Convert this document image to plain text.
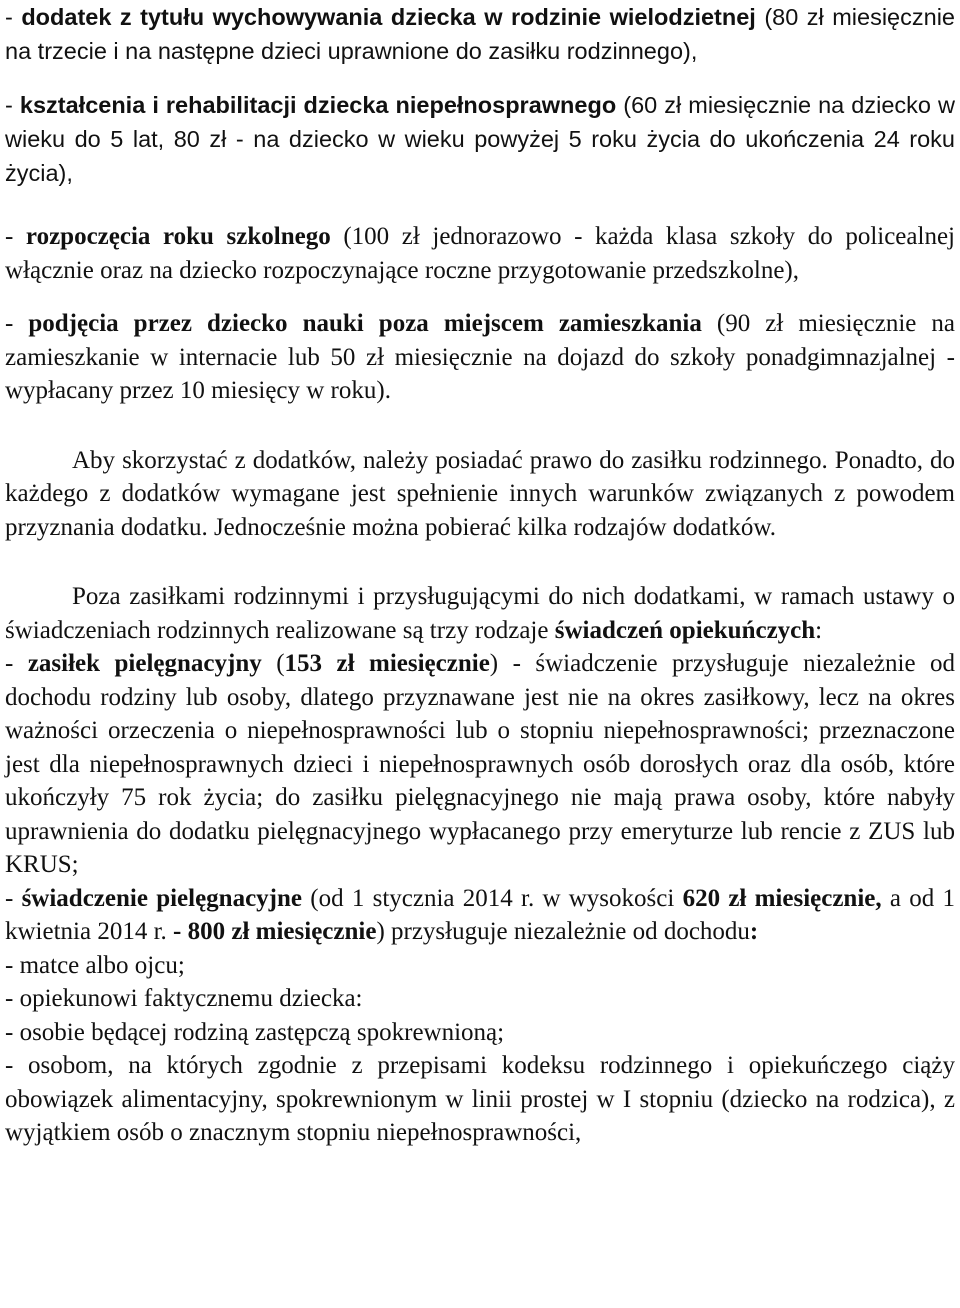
- dodatek z tytułu wychowywania dziecka w rodzinie wielodzietnej (80 zł miesięcznie na trzecie i na następne dzieci uprawnione do zasiłku rodzinnego),

- kształcenia i rehabilitacji dziecka niepełnosprawnego (60 zł miesięcznie na dziecko w wieku do 5 lat, 80 zł - na dziecko w wieku powyżej 5 roku życia do ukończenia 24 roku życia),

- rozpoczęcia roku szkolnego (100 zł jednorazowo - każda klasa szkoły do policealnej włącznie oraz na dziecko rozpoczynające roczne przygotowanie przedszkolne),

- podjęcia przez dziecko nauki poza miejscem zamieszkania (90 zł miesięcznie na zamieszkanie w internacie lub 50 zł miesięcznie na dojazd do szkoły ponadgimnazjalnej - wypłacany przez 10 miesięcy w roku).

Aby skorzystać z dodatków, należy posiadać prawo do zasiłku rodzinnego. Ponadto, do każdego z dodatków wymagane jest spełnienie innych warunków związanych z powodem przyznania dodatku. Jednocześnie można pobierać kilka rodzajów dodatków.

Poza zasiłkami rodzinnymi i przysługującymi do nich dodatkami, w ramach ustawy o świadczeniach rodzinnych realizowane są trzy rodzaje świadczeń opiekuńczych:

- zasiłek pielęgnacyjny (153 zł miesięcznie) - świadczenie przysługuje niezależnie od dochodu rodziny lub osoby, dlatego przyznawane jest nie na okres zasiłkowy, lecz na okres ważności orzeczenia o niepełnosprawności lub o stopniu niepełnosprawności; przeznaczone jest dla niepełnosprawnych dzieci i niepełnosprawnych osób dorosłych oraz dla osób, które ukończyły 75 rok życia; do zasiłku pielęgnacyjnego nie mają prawa osoby, które nabyły uprawnienia do dodatku pielęgnacyjnego wypłacanego przy emeryturze lub rencie z ZUS lub KRUS;

- świadczenie pielęgnacyjne (od 1 stycznia 2014 r. w wysokości 620 zł miesięcznie, a od 1 kwietnia 2014 r. - 800 zł miesięcznie) przysługuje niezależnie od dochodu:

- matce albo ojcu;

- opiekunowi faktycznemu dziecka:

- osobie będącej rodziną zastępczą spokrewnioną;

- osobom, na których zgodnie z przepisami kodeksu rodzinnego i opiekuńczego ciąży obowiązek alimentacyjny, spokrewnionym w linii prostej w I stopniu (dziecko na rodzica), z wyjątkiem osób o znacznym stopniu niepełnosprawności,
